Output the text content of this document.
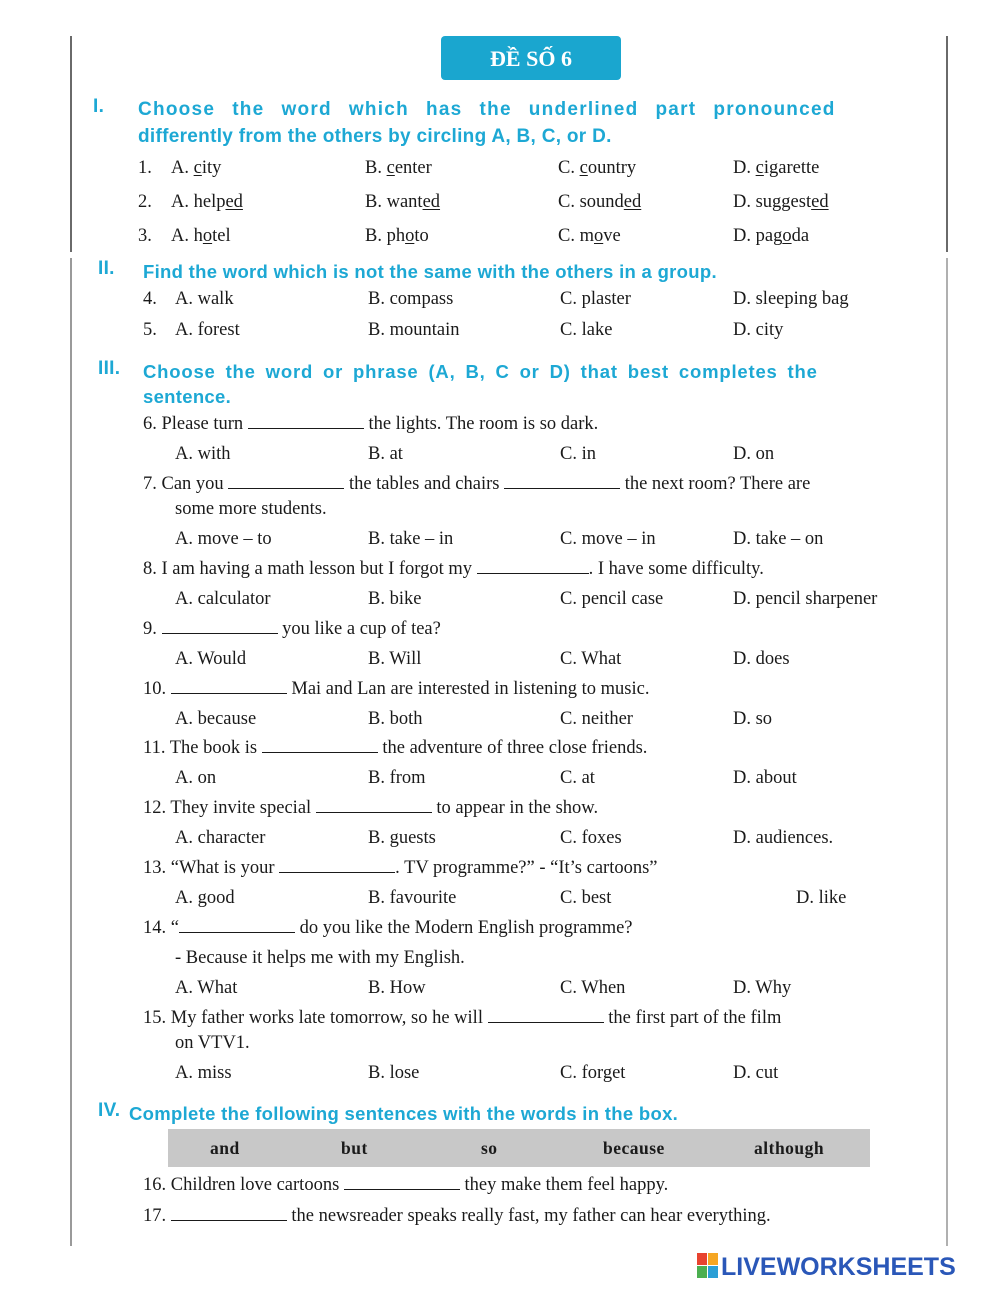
ĐỀ SỐ 6
I. Choose the word which has the underlined part pronounced
differently from the others by circling A, B, C, or D.
1. A. city	B. center	C. country	D. cigarette
2. A. helped	B. wanted	C. sounded	D. suggested
3. A. hotel	B. photo	C. move	D. pagoda
II. Find the word which is not the same with the others in a group.
4. A. walk	B. compass	C. plaster	D. sleeping bag
5. A. forest	B. mountain	C. lake	D. city
III. Choose the word or phrase (A, B, C or D) that best completes the
sentence.
6. Please turn	the lights. The room is so dark.
A. with	B. at	C. in	D. on
7. Can you	the tables and chairs	the next room? There are
some more students.
A. move – to	B. take – in	C. move – in	D. take – on
8. I am having a math lesson but I forgot my	. I have some difficulty.
A. calculator	B. bike	C. pencil case	D. pencil sharpener
9.	you like a cup of tea?
A. Would	B. Will	C. What	D. does
10.	Mai and Lan are interested in listening to music.
A. because	B. both	C. neither	D. so
11. The book is	the adventure of three close friends.
A. on	B. from	C. at	D. about
12. They invite special	to appear in the show.
A. character	B. guests	C. foxes	D. audiences.
13. “What is your	. TV programme?” - “It’s cartoons”
A. good	B. favourite	C. best	D. like
14. “	do you like the Modern English programme?
- Because it helps me with my English.
A. What	B. How	C. When	D. Why
15. My father works late tomorrow, so he will	the first part of the film
on VTV1.
A. miss	B. lose	C. forget	D. cut
IV. Complete the following sentences with the words in the box.
and	but	so	because	although
16. Children love cartoons	they make them feel happy.
17.	the newsreader speaks really fast, my father can hear everything.
LIVEWORKSHEETS
